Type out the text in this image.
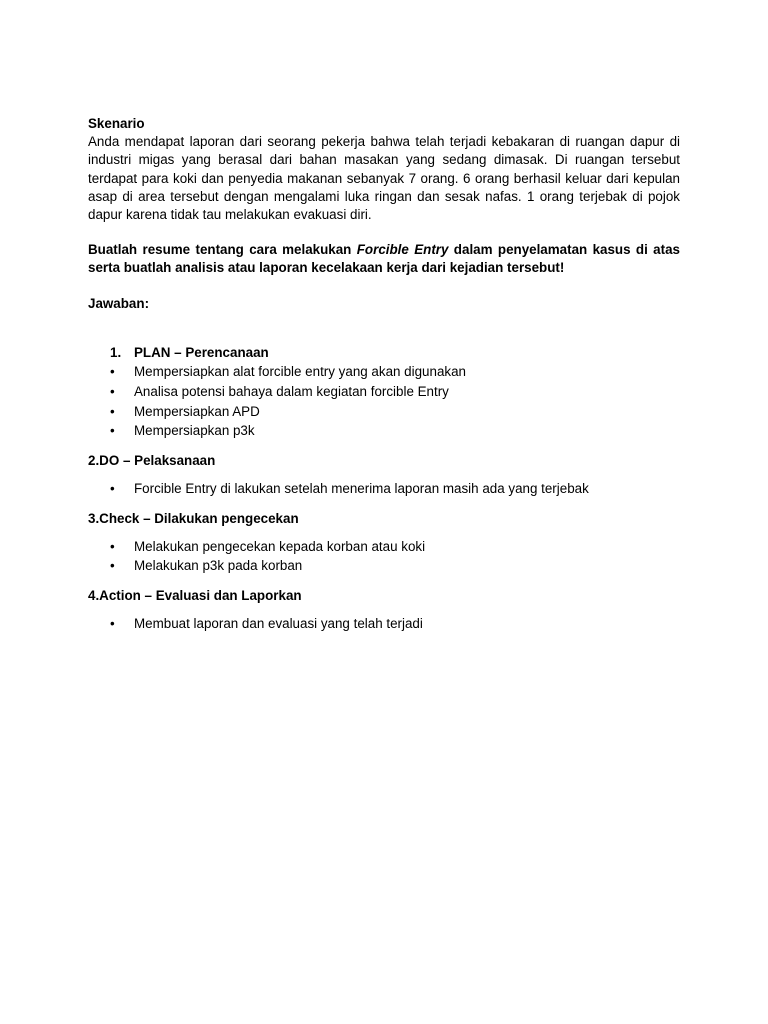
Skenario

Anda mendapat laporan dari seorang pekerja bahwa telah terjadi kebakaran di ruangan dapur di industri migas yang berasal dari bahan masakan yang sedang dimasak. Di ruangan tersebut terdapat para koki dan penyedia makanan sebanyak 7 orang. 6 orang berhasil keluar dari kepulan asap di area tersebut dengan mengalami luka ringan dan sesak nafas. 1 orang terjebak di pojok dapur karena tidak tau melakukan evakuasi diri.

Buatlah resume tentang cara melakukan Forcible Entry dalam penyelamatan kasus di atas serta buatlah analisis atau laporan kecelakaan kerja dari kejadian tersebut!

Jawaban:

1. PLAN – Perencanaan
• Mempersiapkan alat forcible entry yang akan digunakan
• Analisa potensi bahaya dalam kegiatan forcible Entry
• Mempersiapkan APD
• Mempersiapkan p3k

2.DO – Pelaksanaan

• Forcible Entry di lakukan setelah menerima laporan masih ada yang terjebak

3.Check – Dilakukan pengecekan

• Melakukan pengecekan kepada korban atau koki
• Melakukan p3k pada korban

4.Action – Evaluasi dan Laporkan

• Membuat laporan dan evaluasi yang telah terjadi
